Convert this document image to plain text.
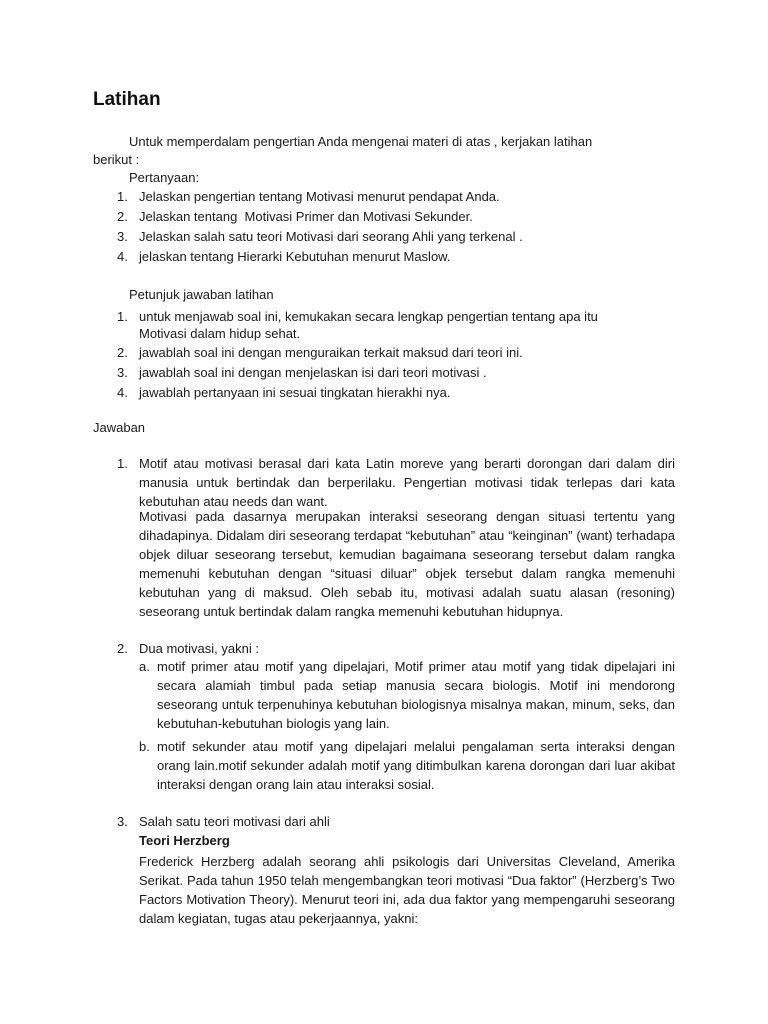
Latihan
Untuk memperdalam pengertian Anda mengenai materi di atas , kerjakan latihan
berikut :
Pertanyaan:
1. Jelaskan pengertian tentang Motivasi menurut pendapat Anda.
2. Jelaskan tentang  Motivasi Primer dan Motivasi Sekunder.
3. Jelaskan salah satu teori Motivasi dari seorang Ahli yang terkenal .
4. jelaskan tentang Hierarki Kebutuhan menurut Maslow.
Petunjuk jawaban latihan
1. untuk menjawab soal ini, kemukakan secara lengkap pengertian tentang apa itu
Motivasi dalam hidup sehat.
2. jawablah soal ini dengan menguraikan terkait maksud dari teori ini.
3. jawablah soal ini dengan menjelaskan isi dari teori motivasi .
4. jawablah pertanyaan ini sesuai tingkatan hierakhi nya.
Jawaban
1. Motif atau motivasi berasal dari kata Latin moreve yang berarti dorongan dari dalam diri manusia untuk bertindak dan berperilaku. Pengertian motivasi tidak terlepas dari kata kebutuhan atau needs dan want.
Motivasi pada dasarnya merupakan interaksi seseorang dengan situasi tertentu yang dihadapinya. Didalam diri seseorang terdapat “kebutuhan” atau “keinginan” (want) terhadapa objek diluar seseorang tersebut, kemudian bagaimana seseorang tersebut dalam rangka memenuhi kebutuhan dengan “situasi diluar” objek tersebut dalam rangka memenuhi kebutuhan yang di maksud. Oleh sebab itu, motivasi adalah suatu alasan (resoning) seseorang untuk bertindak dalam rangka memenuhi kebutuhan hidupnya.
2. Dua motivasi, yakni :
a. motif primer atau motif yang dipelajari, Motif primer atau motif yang tidak dipelajari ini secara alamiah timbul pada setiap manusia secara biologis. Motif ini mendorong seseorang untuk terpenuhinya kebutuhan biologisnya misalnya makan, minum, seks, dan kebutuhan-kebutuhan biologis yang lain.
b. motif sekunder atau motif yang dipelajari melalui pengalaman serta interaksi dengan orang lain.motif sekunder adalah motif yang ditimbulkan karena dorongan dari luar akibat interaksi dengan orang lain atau interaksi sosial.
3. Salah satu teori motivasi dari ahli
Teori Herzberg
Frederick Herzberg adalah seorang ahli psikologis dari Universitas Cleveland, Amerika Serikat. Pada tahun 1950 telah mengembangkan teori motivasi “Dua faktor” (Herzberg’s Two Factors Motivation Theory). Menurut teori ini, ada dua faktor yang mempengaruhi seseorang dalam kegiatan, tugas atau pekerjaannya, yakni:
